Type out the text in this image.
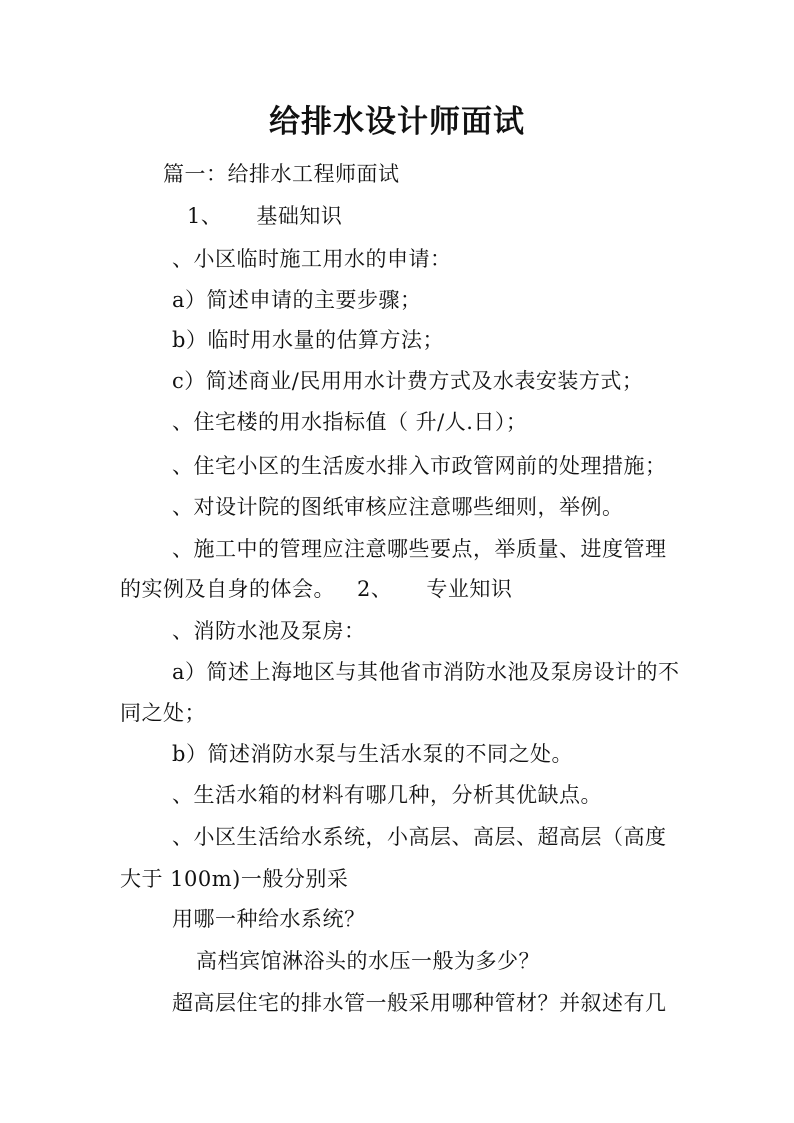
给排水设计师面试
篇一：给排水工程师面试
1、 基础知识
、小区临时施工用水的申请：
a）简述申请的主要步骤；
b）临时用水量的估算方法；
c）简述商业/民用用水计费方式及水表安装方式；
、住宅楼的用水指标值（ 升/人.日）；
、住宅小区的生活废水排入市政管网前的处理措施；
、对设计院的图纸审核应注意哪些细则，举例。
、施工中的管理应注意哪些要点，举质量、进度管理
的实例及自身的体会。 2、 专业知识
、消防水池及泵房：
a）简述上海地区与其他省市消防水池及泵房设计的不
同之处；
b）简述消防水泵与生活水泵的不同之处。
、生活水箱的材料有哪几种，分析其优缺点。
、小区生活给水系统，小高层、高层、超高层（高度
大于 100m)一般分别采
用哪一种给水系统？
高档宾馆淋浴头的水压一般为多少？
超高层住宅的排水管一般采用哪种管材？并叙述有几
